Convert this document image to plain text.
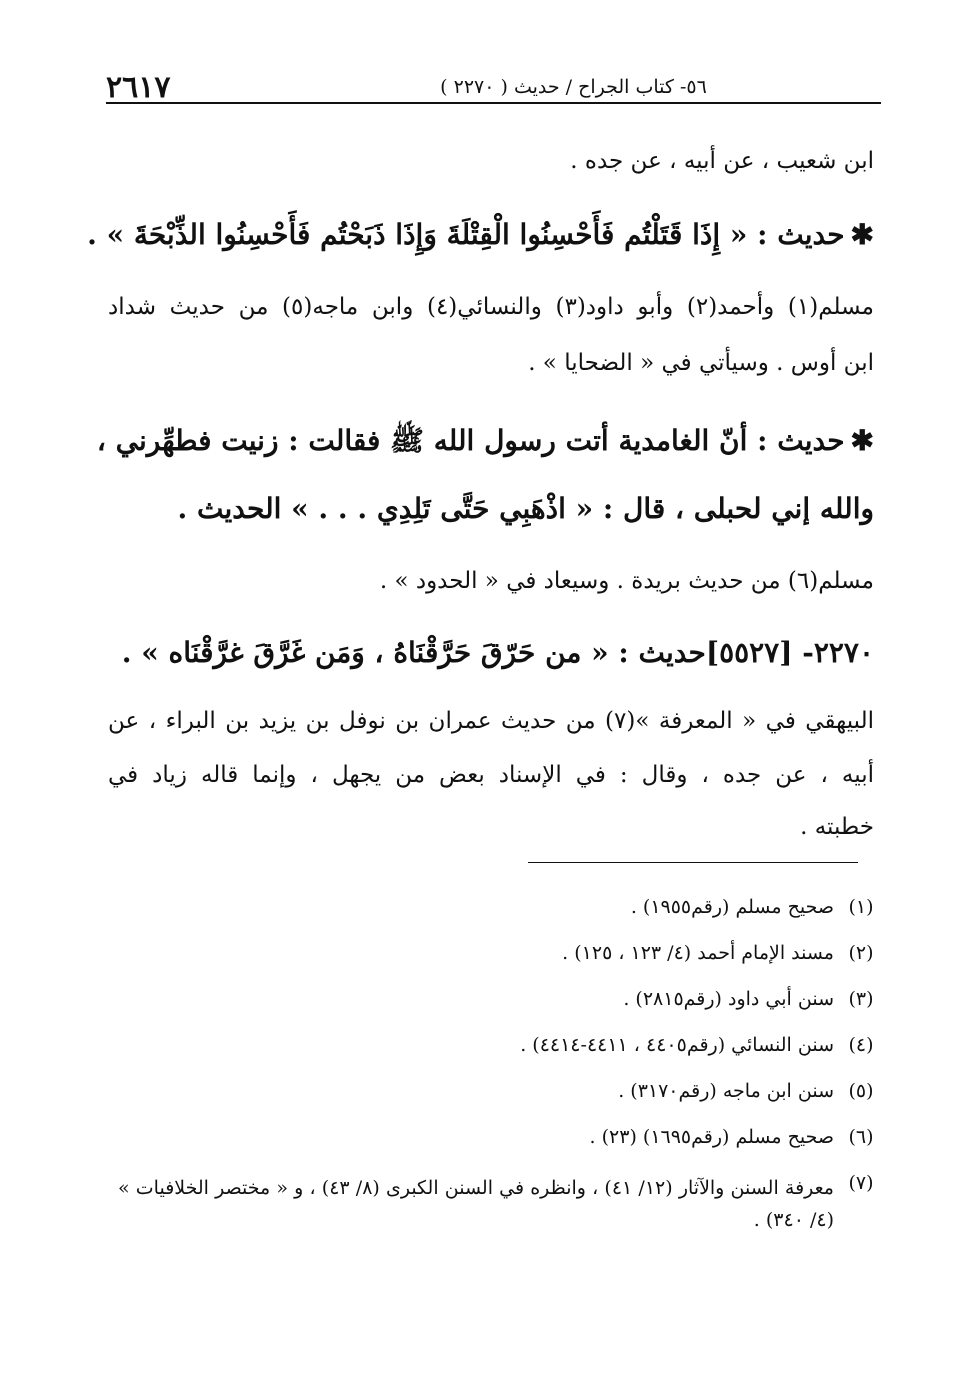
٢٦١٧	٥٦- كتاب الجراح / حديث ( ٢٢٧٠ )
ابن شعيب ، عن أبيه ، عن جده .
✱حديث : « إِذَا قَتَلْتُم فَأَحْسِنُوا الْقِتْلَةَ وَإِذَا ذَبَحْتُم فَأَحْسِنُوا الذِّبْحَةَ » .
مسلم(١) وأحمد(٢) وأبو داود(٣) والنسائي(٤) وابن ماجه(٥) من حديث شداد
ابن أوس . وسيأتي في « الضحايا » .
✱حديث : أنّ الغامدية أتت رسول الله ﷺ فقالت : زنيت فطهِّرني ،
والله إني لحبلى ، قال : « اذْهَبِي حَتَّى تَلِدِي . . . » الحديث .
مسلم(٦) من حديث بريدة . وسيعاد في « الحدود » .
٢٢٧٠- [٥٥٢٧]حديث : « من حَرّقَ حَرَّقْنَاهُ ، وَمَن غَرَّقَ غرَّقْنَاه » .
البيهقي في « المعرفة »(٧) من حديث عمران بن نوفل بن يزيد بن البراء ، عن
أبيه ، عن جده ، وقال : في الإسناد بعض من يجهل ، وإنما قاله زياد في
خطبته .
(١)
صحيح مسلم (رقم١٩٥٥) .
(٢)
مسند الإمام أحمد (٤/ ١٢٣ ، ١٢٥) .
(٣)
سنن أبي داود (رقم٢٨١٥) .
(٤)
سنن النسائي (رقم٤٤٠٥ ، ٤٤١١-٤٤١٤) .
(٥)
سنن ابن ماجه (رقم٣١٧٠) .
(٦)
صحيح مسلم (رقم١٦٩٥) (٢٣) .
(٧)
معرفة السنن والآثار (١٢/ ٤١) ، وانظره في السنن الكبرى (٨/ ٤٣) ، و « مختصر الخلافيات » (٤/ ٣٤٠) .
